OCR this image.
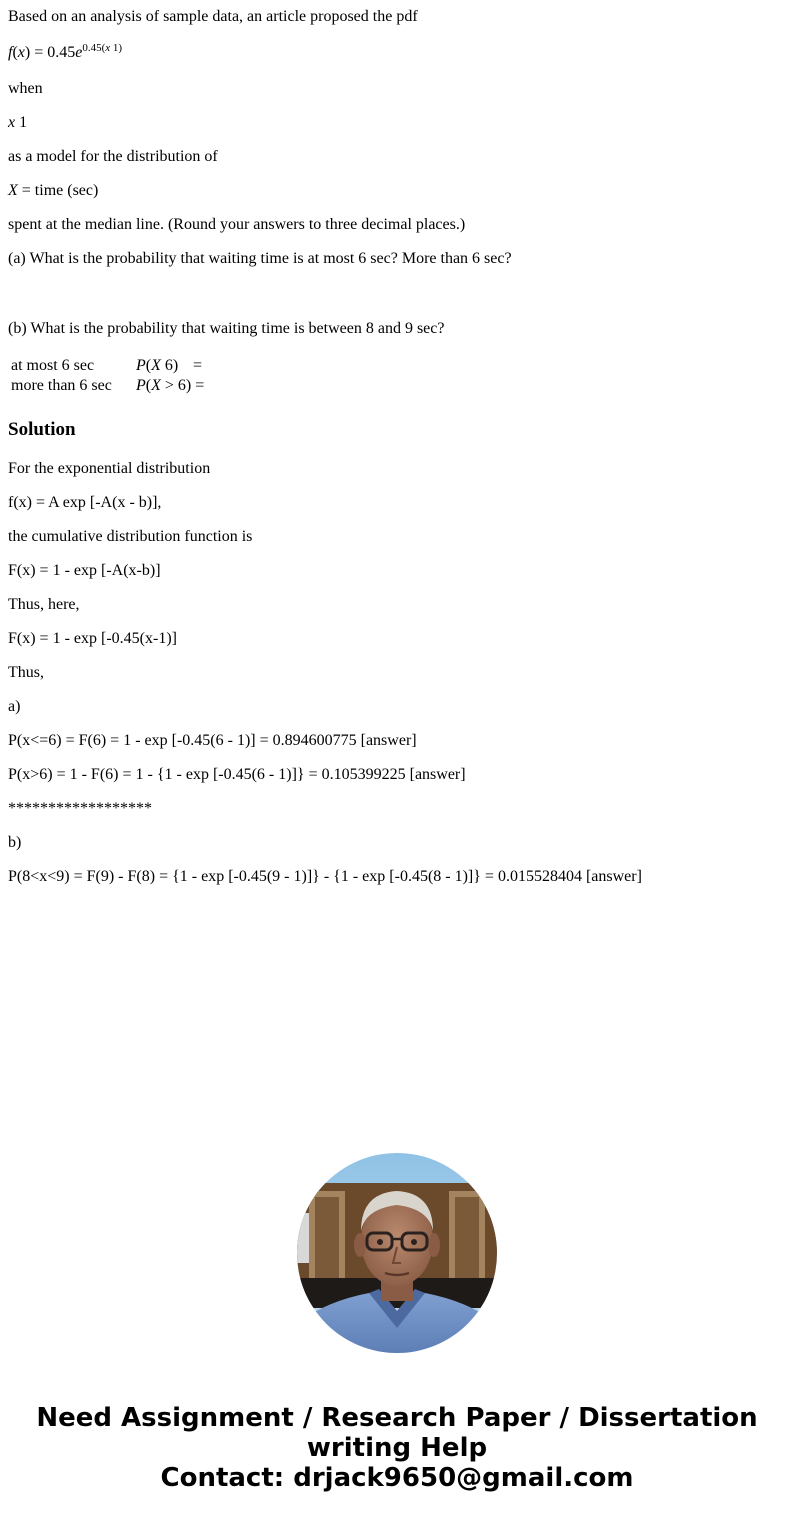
Based on an analysis of sample data, an article proposed the pdf

$f(x) = 0.45e^{0.45(x 1)}$

when

x 1

as a model for the distribution of

X = time (sec)

spent at the median line. (Round your answers to three decimal places.)

(a) What is the probability that waiting time is at most 6 sec? More than 6 sec?

(b) What is the probability that waiting time is between 8 and 9 sec?

at most 6 sec	P(X 6)	=
more than 6 sec	P(X > 6) =	
Solution

For the exponential distribution

f(x) = A exp [-A(x - b)],

the cumulative distribution function is

F(x) = 1 - exp [-A(x-b)]

Thus, here,

F(x) = 1 - exp [-0.45(x-1)]

Thus,

a)

P(x<=6) = F(6) = 1 - exp [-0.45(6 - 1)] = 0.894600775 [answer]

P(x>6) = 1 - F(6) = 1 - {1 - exp [-0.45(6 - 1)]} = 0.105399225 [answer]

******************

b)

P(8<x<9) = F(9) - F(8) = {1 - exp [-0.45(9 - 1)]} - {1 - exp [-0.45(8 - 1)]} = 0.015528404 [answer]

Need Assignment / Research Paper / Dissertation
writing Help
Contact: drjack9650@gmail.com
